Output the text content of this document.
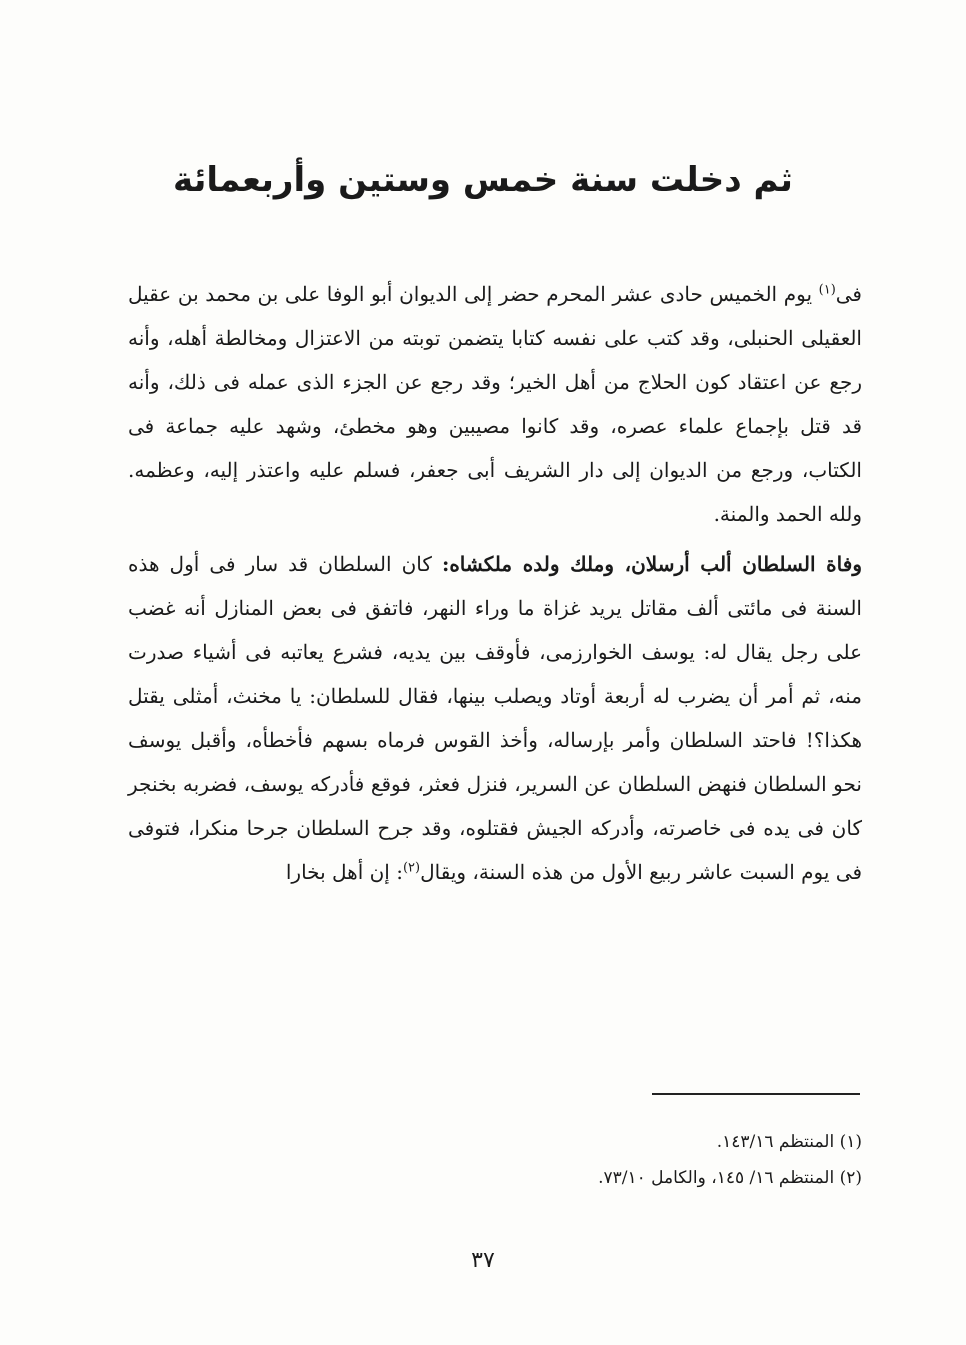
ثم دخلت سنة خمس وستين وأربعمائة

فى$^{(١)}$ يوم الخميس حادى عشر المحرم حضر إلى الديوان أبو الوفا على بن محمد بن عقيل العقيلى الحنبلى، وقد كتب على نفسه كتابا يتضمن توبته من الاعتزال ومخالطة أهله، وأنه رجع عن اعتقاد كون الحلاج من أهل الخير؛ وقد رجع عن الجزء الذى عمله فى ذلك، وأنه قد قتل بإجماع علماء عصره، وقد كانوا مصيبين وهو مخطئ، وشهد عليه جماعة فى الكتاب، ورجع من الديوان إلى دار الشريف أبى جعفر، فسلم عليه واعتذر إليه، وعظمه. ولله الحمد والمنة.

وفاة السلطان ألب أرسلان، وملك ولده ملكشاه: كان السلطان قد سار فى أول هذه السنة فى مائتى ألف مقاتل يريد غزاة ما وراء النهر، فاتفق فى بعض المنازل أنه غضب على رجل يقال له: يوسف الخوارزمى، فأوقف بين يديه، فشرع يعاتبه فى أشياء صدرت منه، ثم أمر أن يضرب له أربعة أوتاد ويصلب بينها، فقال للسلطان: يا مخنث، أمثلى يقتل هكذا؟! فاحتد السلطان وأمر بإرساله، وأخذ القوس فرماه بسهم فأخطأه، وأقبل يوسف نحو السلطان فنهض السلطان عن السرير، فنزل فعثر، فوقع فأدركه يوسف، فضربه بخنجر كان فى يده فى خاصرته، وأدركه الجيش فقتلوه، وقد جرح السلطان جرحا منكرا، فتوفى فى يوم السبت عاشر ربيع الأول من هذه السنة، ويقال$^{(٢)}$: إن أهل بخارا

(١) المنتظم ١٤٣/١٦.

(٢) المنتظم ١٦/ ١٤٥، والكامل ٧٣/١٠.

٣٧
